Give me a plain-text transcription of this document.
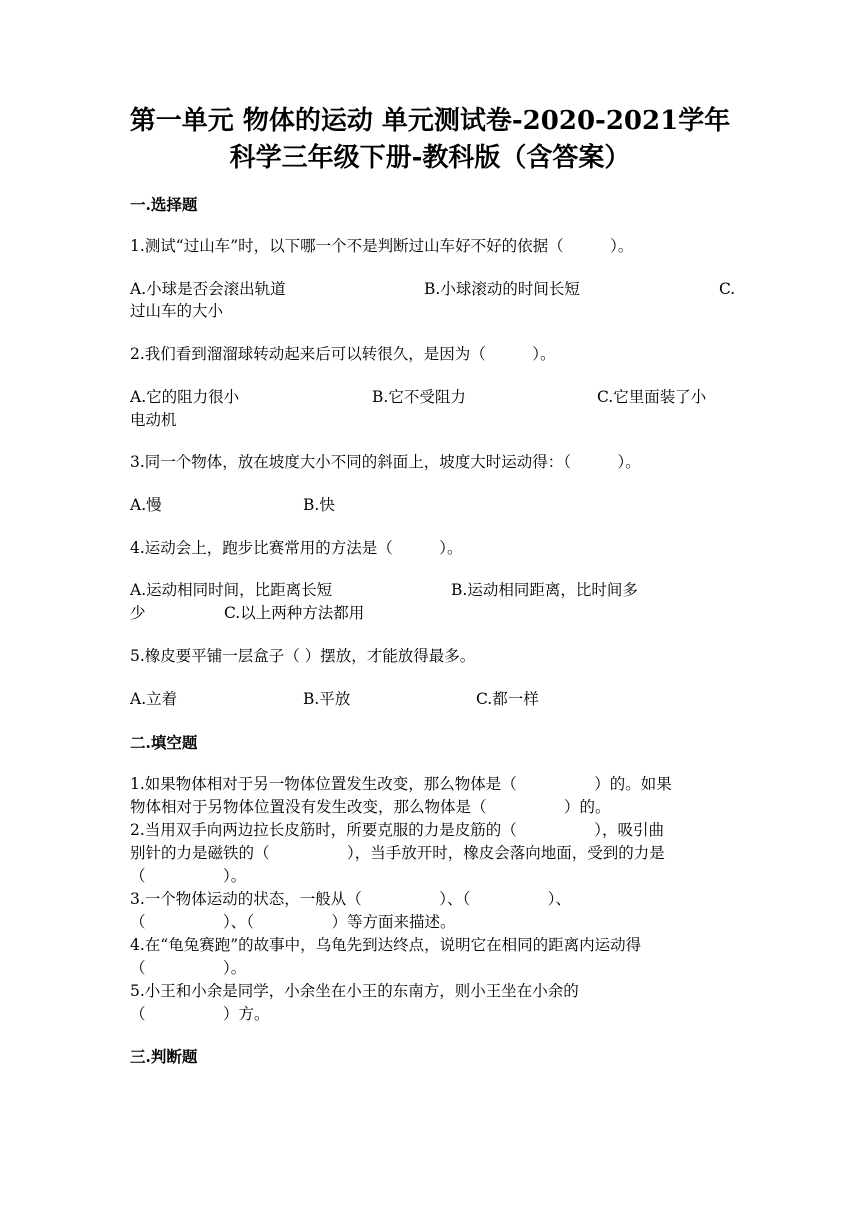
第一单元 物体的运动 单元测试卷-2020-2021学年
科学三年级下册-教科版（含答案）
一.选择题
1.测试“过山车”时，以下哪一个不是判断过山车好不好的依据（　　　）。
A.小球是否会滚出轨道	B.小球滚动的时间长短	C.
过山车的大小
2.我们看到溜溜球转动起来后可以转很久，是因为（　　　）。
A.它的阻力很小	B.它不受阻力	C.它里面装了小
电动机
3.同一个物体，放在坡度大小不同的斜面上，坡度大时运动得：（　　　）。
A.慢	B.快
4.运动会上，跑步比赛常用的方法是（　　　）。
A.运动相同时间，比距离长短	B.运动相同距离，比时间多
少	C.以上两种方法都用
5.橡皮要平铺一层盒子（ ）摆放，才能放得最多。
A.立着	B.平放	C.都一样
二.填空题
1.如果物体相对于另一物体位置发生改变，那么物体是（　　　　　）的。如果
物体相对于另物体位置没有发生改变，那么物体是（　　　　　）的。
2.当用双手向两边拉长皮筋时，所要克服的力是皮筋的（　　　　　），吸引曲
别针的力是磁铁的（　　　　　），当手放开时，橡皮会落向地面，受到的力是
（　　　　　）。
3.一个物体运动的状态，一般从（　　　　　）、（　　　　　）、
（　　　　　）、（　　　　　）等方面来描述。
4.在“龟兔赛跑”的故事中，乌龟先到达终点，说明它在相同的距离内运动得
（　　　　　）。
5.小王和小余是同学，小余坐在小王的东南方，则小王坐在小余的
（　　　　　）方。
三.判断题
